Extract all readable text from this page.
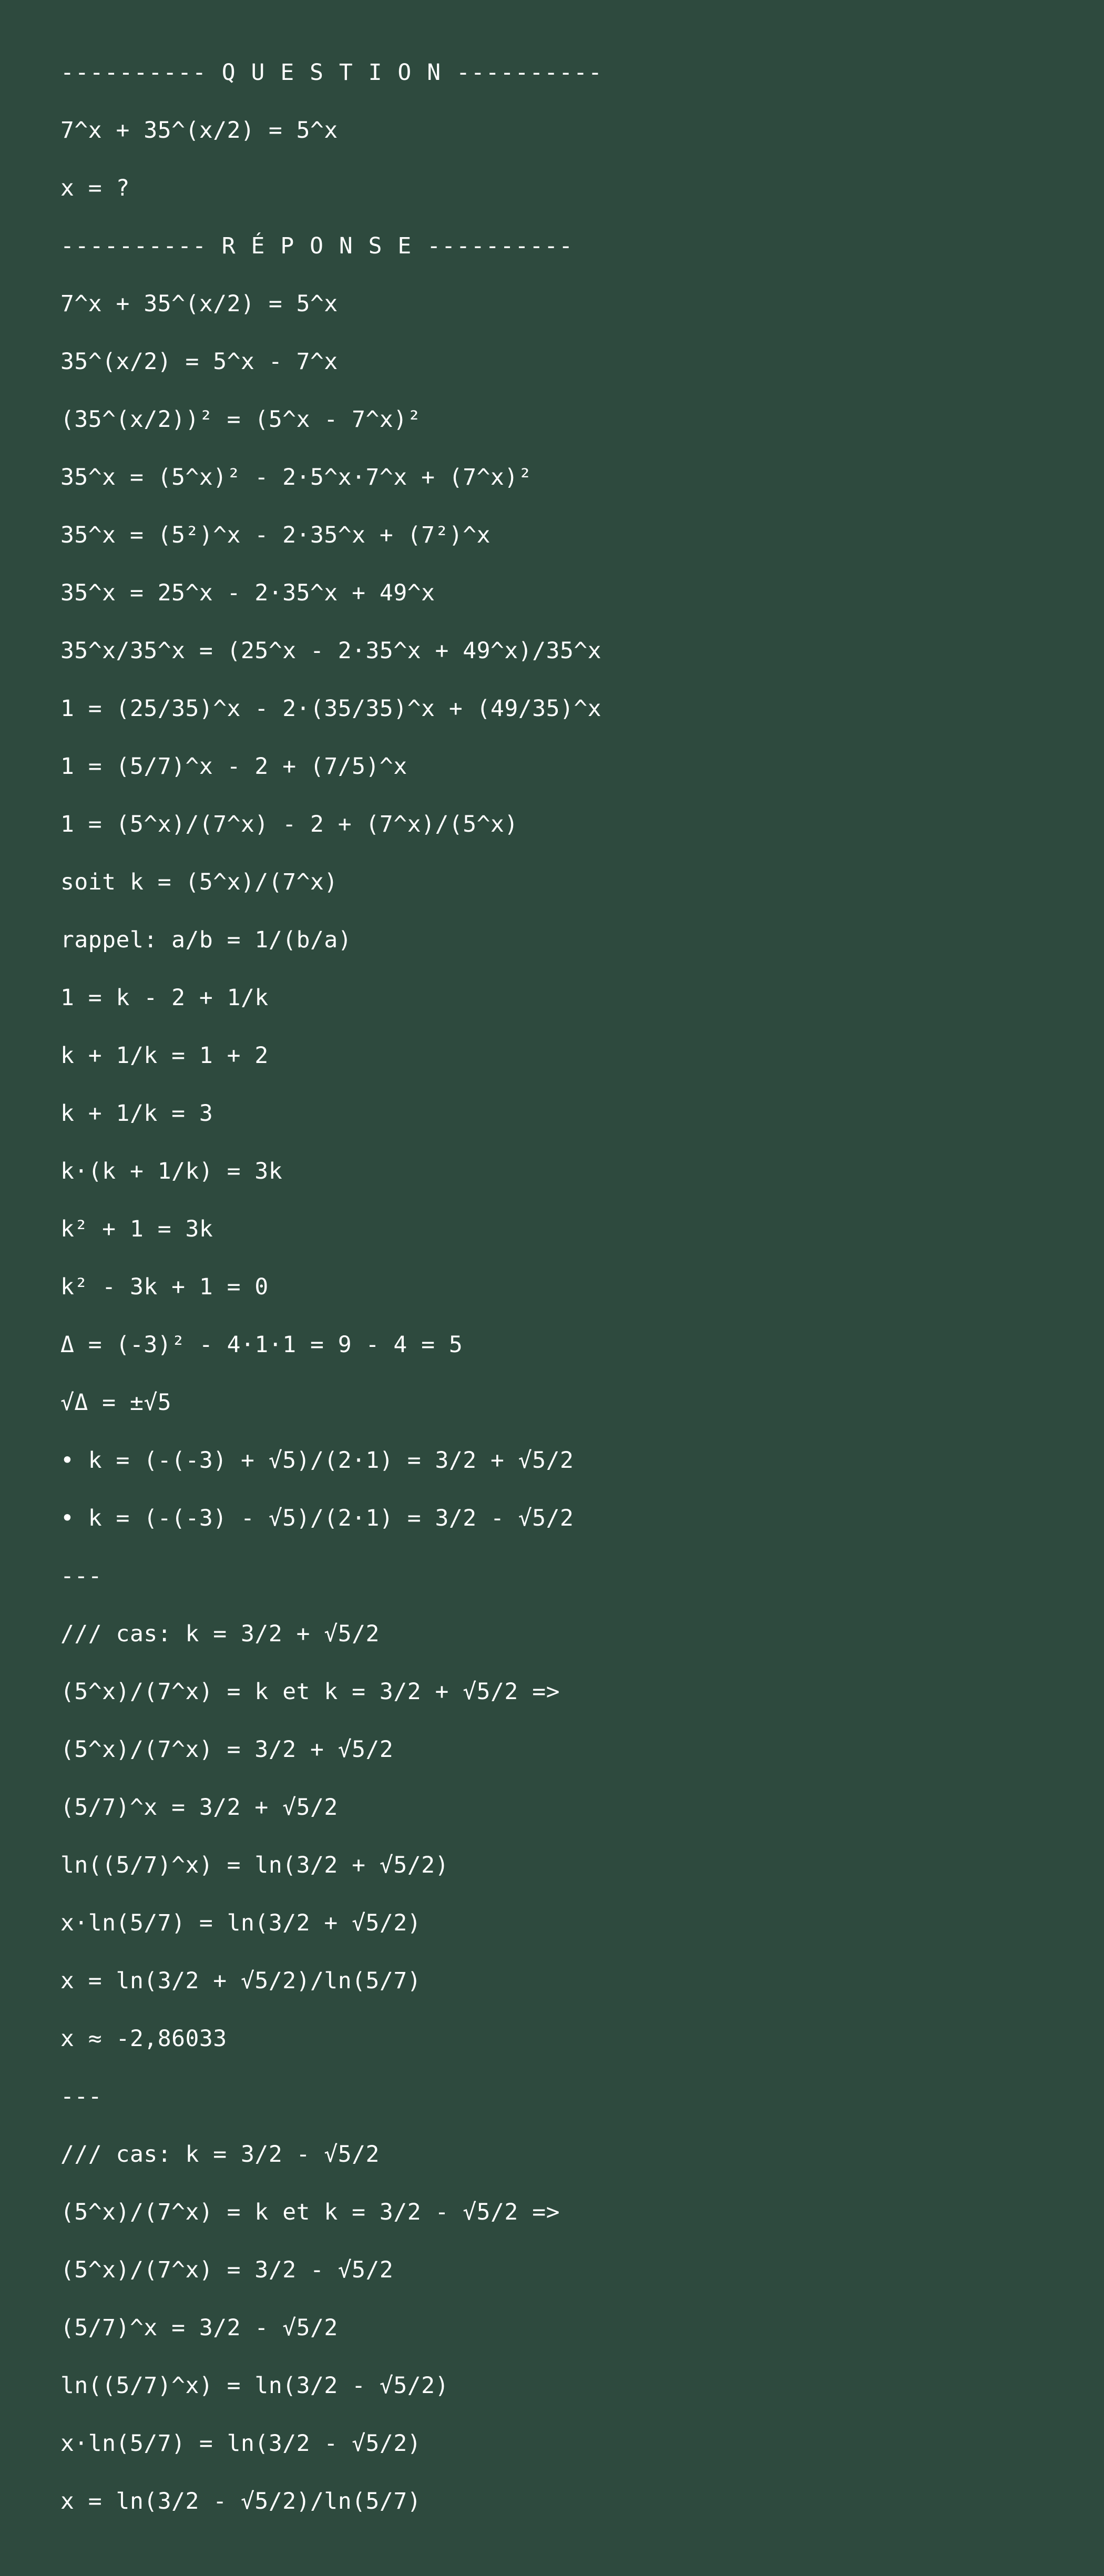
---------- Q U E S T I O N ----------
7^x + 35^(x/2) = 5^x
x = ?
---------- R É P O N S E ----------
7^x + 35^(x/2) = 5^x
35^(x/2) = 5^x - 7^x
(35^(x/2))² = (5^x - 7^x)²
35^x = (5^x)² - 2·5^x·7^x + (7^x)²
35^x = (5²)^x - 2·35^x + (7²)^x
35^x = 25^x - 2·35^x + 49^x
35^x/35^x = (25^x - 2·35^x + 49^x)/35^x
1 = (25/35)^x - 2·(35/35)^x + (49/35)^x
1 = (5/7)^x - 2 + (7/5)^x
1 = (5^x)/(7^x) - 2 + (7^x)/(5^x)
soit k = (5^x)/(7^x)
rappel: a/b = 1/(b/a)
1 = k - 2 + 1/k
k + 1/k = 1 + 2
k + 1/k = 3
k·(k + 1/k) = 3k
k² + 1 = 3k
k² - 3k + 1 = 0
Δ = (-3)² - 4·1·1 = 9 - 4 = 5
√Δ = ±√5
• k = (-(-3) + √5)/(2·1) = 3/2 + √5/2
• k = (-(-3) - √5)/(2·1) = 3/2 - √5/2
---
/// cas: k = 3/2 + √5/2
(5^x)/(7^x) = k et k = 3/2 + √5/2 =>
(5^x)/(7^x) = 3/2 + √5/2
(5/7)^x = 3/2 + √5/2
ln((5/7)^x) = ln(3/2 + √5/2)
x·ln(5/7) = ln(3/2 + √5/2)
x = ln(3/2 + √5/2)/ln(5/7)
x ≈ -2,86033
---
/// cas: k = 3/2 - √5/2
(5^x)/(7^x) = k et k = 3/2 - √5/2 =>
(5^x)/(7^x) = 3/2 - √5/2
(5/7)^x = 3/2 - √5/2
ln((5/7)^x) = ln(3/2 - √5/2)
x·ln(5/7) = ln(3/2 - √5/2)
x = ln(3/2 - √5/2)/ln(5/7)
